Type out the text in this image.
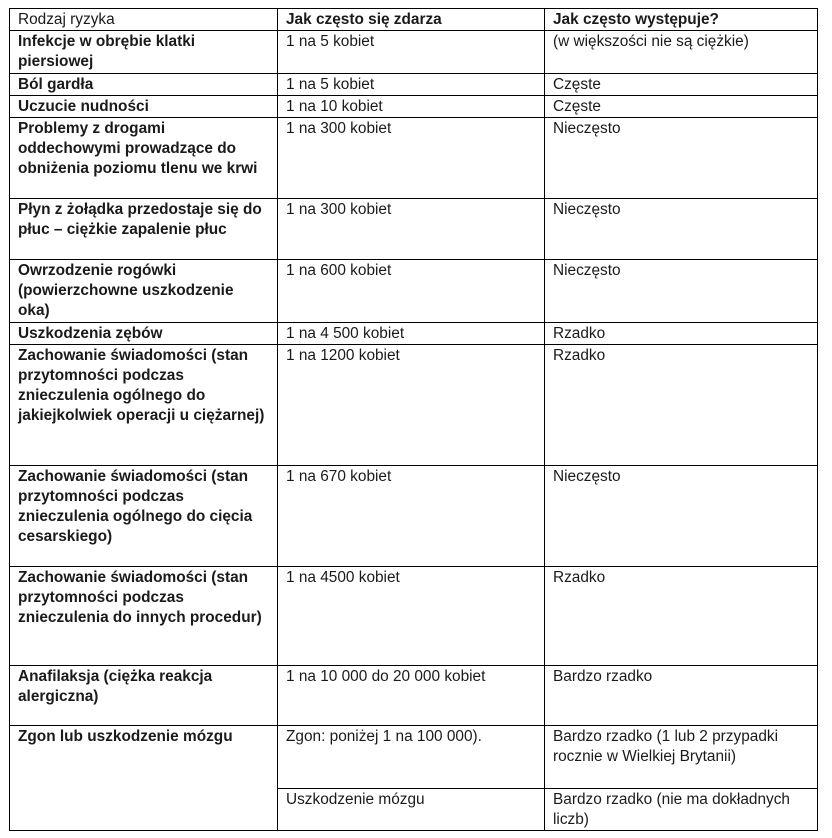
Rodzaj ryzyka	Jak często się zdarza	Jak często występuje?
Infekcje w obrębie klatki piersiowej	1 na 5 kobiet	(w większości nie są ciężkie)
Ból gardła	1 na 5 kobiet	Częste
Uczucie nudności	1 na 10 kobiet	Częste
Problemy z drogami oddechowymi prowadzące do obniżenia poziomu tlenu we krwi	1 na 300 kobiet	Nieczęsto
Płyn z żołądka przedostaje się do płuc – ciężkie zapalenie płuc	1 na 300 kobiet	Nieczęsto
Owrzodzenie rogówki (powierzchowne uszkodzenie oka)	1 na 600 kobiet	Nieczęsto
Uszkodzenia zębów	1 na 4 500 kobiet	Rzadko
Zachowanie świadomości (stan przytomności podczas znieczulenia ogólnego do jakiejkolwiek operacji u ciężarnej)	1 na 1200 kobiet	Rzadko
Zachowanie świadomości (stan przytomności podczas znieczulenia ogólnego do cięcia cesarskiego)	1 na 670 kobiet	Nieczęsto
Zachowanie świadomości (stan przytomności podczas znieczulenia do innych procedur)	1 na 4500 kobiet	Rzadko
Anafilaksja (ciężka reakcja alergiczna)	1 na 10 000 do 20 000 kobiet	Bardzo rzadko
Zgon lub uszkodzenie mózgu	Zgon: poniżej 1 na 100 000).	Bardzo rzadko (1 lub 2 przypadki rocznie w Wielkiej Brytanii)
	Uszkodzenie mózgu	Bardzo rzadko (nie ma dokładnych liczb)
